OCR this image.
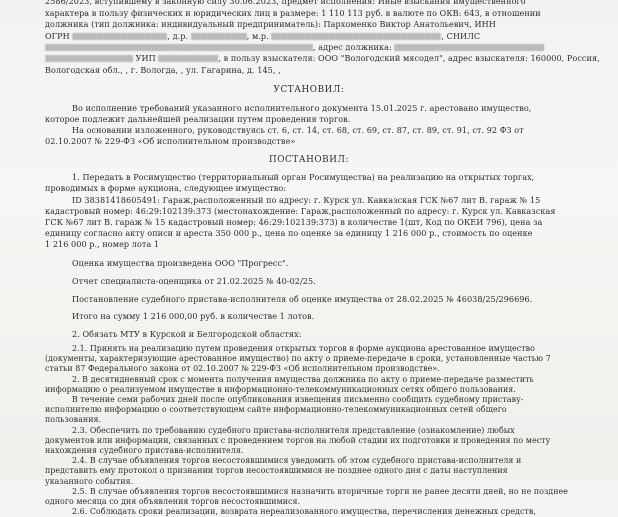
2586/2023, вступившему в законную силу 30.06.2023, предмет исполнения: Иные взыскания имущественного
характера в пользу физических и юридических лиц в размере: 1 110 113 руб. в валюте по ОКВ: 643, в отношении
должника (тип должника: индивидуальный предприниматель): Пархоменко Виктор Анатольевич, ИНН
ОГРН	, д.р.	, м.р.	, СНИЛС
, адрес должника:
УИП	, в пользу взыскателя: ООО "Вологодский мясодел", адрес взыскателя: 160000, Россия,
Вологодская обл., , г. Вологда, , ул. Гагарина, д. 145, ,
УСТАНОВИЛ:
Во исполнение требований указанного исполнительного документа 15.01.2025 г. арестовано имущество,
которое подлежит дальнейшей реализации путем проведения торгов.
На основании изложенного, руководствуясь ст. 6, ст. 14, ст. 68, ст. 69, ст. 87, ст. 89, ст. 91, ст. 92 ФЗ от
02.10.2007 № 229-ФЗ «Об исполнительном производстве»
ПОСТАНОВИЛ:
1. Передать в Росимущество (территориальный орган Росимущества) на реализацию на открытых торгах,
проводимых в форме аукциона, следующее имущество:
ID 38381418605491: Гараж,расположенный по адресу: г. Курск ул. Кавказская ГСК №67 лит В. гараж № 15
кадастровый номер: 46:29:102139:373 (местонахождение: Гараж,расположенный по адресу: г. Курск ул. Кавказская
ГСК №67 лит В. гараж № 15 кадастровый номер: 46:29:102139:373) в количестве 1(шт, Код по ОКЕИ 796), цена за
единицу согласно акту описи и ареста 350 000 р., цена по оценке за единицу 1 216 000 р., стоимость по оценке
1 216 000 р., номер лота 1
Оценка имущества произведена ООО "Прогресс".
Отчет специалиста-оценщика от 21.02.2025 № 40-02/25.
Постановление судебного пристава-исполнителя об оценке имущества от 28.02.2025 № 46038/25/296696.
Итого на сумму 1 216 000,00 руб. в количестве 1 лотов.
2. Обязать МТУ в Курской и Белгородской областях:
2.1. Принять на реализацию путем проведения открытых торгов в форме аукциона арестованное имущество
(документы, характеризующие арестованное имущество) по акту о приеме-передаче в сроки, установленные частью 7
статьи 87 Федерального закона от 02.10.2007 № 229-ФЗ «Об исполнительном производстве».
2. В десятидневный срок с момента получения имущества должника по акту о приеме-передаче разместить
информацию о реализуемом имуществе в информационно-телекоммуникационных сетях общего пользования.
В течение семи рабочих дней после опубликования извещения письменно сообщить судебному приставу-
исполнителю информацию о соответствующем сайте информационно-телекоммуникационных сетей общего
пользования.
2.3. Обеспечить по требованию судебного пристава-исполнителя представление (ознакомление) любых
документов или информации, связанных с проведением торгов на любой стадии их подготовки и проведения по месту
нахождения судебного пристава-исполнителя.
2.4. В случае объявления торгов несостоявшимися уведомить об этом судебного пристава-исполнителя и
представить ему протокол о признании торгов несостоявшимися не позднее одного дня с даты наступления
указанного события.
2.5. В случае объявления торгов несостоявшимися назначить вторичные торги не ранее десяти дней, но не позднее
одного месяца со дня объявления торгов несостоявшимися.
2.6. Соблюдать сроки реализации, возврата нереализованного имущества, перечисления денежных средств,
